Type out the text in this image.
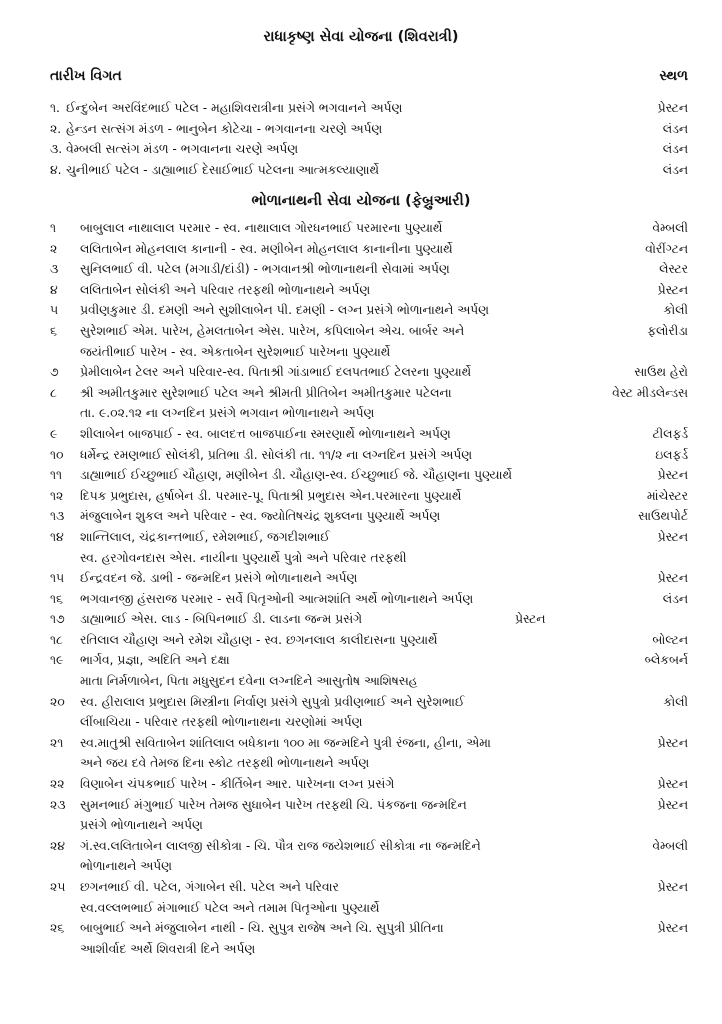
રાધાકૃષ્ણ સેવા યોજના (શિવરાત્રી)
તારીખ વિગત	સ્થળ
૧. ઈન્દુબેન અરવિંદભાઈ પટેલ - મહાશિવરાત્રીના પ્રસંગે ભગવાનને અર્પણ	પ્રેસ્ટન
૨. હેન્ડન સત્સંગ મંડળ - ભાનુબેન કોટેચા - ભગવાનના ચરણે અર્પણ	લંડન
૩. વેમ્બલી સત્સંગ મંડળ - ભગવાનના ચરણે અર્પણ	લંડન
૪. ચુનીભાઈ પટેલ - ડાહ્યાભાઈ દેસાઈભાઈ પટેલના આત્મકલ્યાણાર્થે	લંડન
ભોળાનાથની સેવા યોજના (ફેબ્રુઆરી)
૧ બાબુલાલ નાથાલાલ પરમાર - સ્વ. નાથાલાલ ગોરધનભાઈ પરમારના પુણ્યાર્થે	વેમ્બલી
૨ લલિતાબેન મોહનલાલ કાનાની - સ્વ. મણીબેન મોહનલાલ કાનાનીના પુણ્યાર્થે	વોરીંગ્ટન
૩ સુનિલભાઈ વી. પટેલ (મગાડી/દાંડી) - ભગવાનશ્રી ભોળાનાથની સેવામાં અર્પણ	લેસ્ટર
૪ લલિતાબેન સોલંકી અને પરિવાર તરફથી ભોળાનાથને અર્પણ	પ્રેસ્ટન
૫ પ્રવીણકુમાર ડી. દમણી અને સુશીલાબેન પી. દમણી - લગ્ન પ્રસંગે ભોળાનાથને અર્પણ	કોલી
૬ સુરેશભાઈ એમ. પારેખ, હેમલતાબેન એસ. પારેખ, કપિલાબેન એચ. બાર્બર અને	ફલોરીડા
જયંતીભાઈ પારેખ - સ્વ. એકતાબેન સુરેશભાઈ પારેખના પુણ્યાર્થે
૭ પ્રેમીલાબેન ટેલર અને પરિવાર-સ્વ. પિતાશ્રી ગાંડાભાઈ દલપતભાઈ ટેલરના પુણ્યાર્થે	સાઉથ હેરો
૮ શ્રી અમીતકુમાર સુરેશભાઈ પટેલ અને શ્રીમતી પ્રીતિબેન અમીતકુમાર પટેલના	વેસ્ટ મીડલેન્ડસ
તા. ૯.૦૨.૧૨ ના લગ્નદિન પ્રસંગે ભગવાન ભોળાનાથને અર્પણ
૯ શીલાબેન બાજપાઈ - સ્વ. બાલદત્ત બાજપાઈના સ્મરણાર્થે ભોળાનાથને અર્પણ	ટીલફર્ડ
૧૦ ધર્મેન્દ્ર રમણભાઈ સોલંકી, પ્રતિભા ડી. સોલંકી તા. ૧૧/૨ ના લગ્નદિન પ્રસંગે અર્પણ	ઇલફર્ડ
૧૧ ડાહ્યાભાઈ ઈચ્છુભાઈ ચૌહાણ, મણીબેન ડી. ચૌહાણ-સ્વ. ઈચ્છુભાઈ જે. ચૌહાણના પુણ્યાર્થે	પ્રેસ્ટન
૧૨ દિપક પ્રભુદાસ, હર્ષાબેન ડી. પરમાર-પૂ. પિતાશ્રી પ્રભુદાસ એન.પરમારના પુણ્યાર્થે	માંચેસ્ટર
૧૩ મંજુલાબેન શુકલ અને પરિવાર - સ્વ. જ્યોતિષચંદ્ર શુક્લના પુણ્યાર્થે અર્પણ	સાઉથપોર્ટ
૧૪ શાન્તિલાલ, ચંદ્રકાન્તભાઈ, રમેશભાઈ, જગદીશભાઈ	પ્રેસ્ટન
સ્વ. હરગોવનદાસ એસ. નાયીના પુણ્યાર્થે પુત્રો અને પરિવાર તરફથી
૧૫ ઈન્દ્રવદન જે. ડાભી - જન્મદિન પ્રસંગે ભોળાનાથને અર્પણ	પ્રેસ્ટન
૧૬ ભગવાનજી હંસરાજ પરમાર - સર્વે પિતૃઓની આત્મશાંતિ અર્થે ભોળાનાથને અર્પણ	લંડન
૧૭ ડાહ્યાભાઈ એસ. લાડ - બિપિનભાઈ ડી. લાડના જન્મ પ્રસંગે	પ્રેસ્ટન
૧૮ રતિલાલ ચૌહાણ અને રમેશ ચૌહાણ - સ્વ. છગનલાલ કાલીદાસના પુણ્યાર્થે	બોલ્ટન
૧૯ ભાર્ગવ, પ્રજ્ઞા, અદિતિ અને દક્ષા	બ્લેકબર્ન
માતા નિર્મળાબેન, પિતા મધુસુદન દવેના લગ્નદિને આસુતોષ આશિષસહ
૨૦ સ્વ. હીરાલાલ પ્રભુદાસ મિસ્ત્રીના નિર્વાણ પ્રસંગે સુપુત્રો પ્રવીણભાઈ અને સુરેશભાઈ	કોલી
લીંબાચિયા - પરિવાર તરફથી ભોળાનાથના ચરણોમાં અર્પણ
૨૧ સ્વ.માતુશ્રી સવિતાબેન શાંતિલાલ બધેકાના ૧૦૦ મા જન્મદિને પુત્રી રંજના, હીના, એમા	પ્રેસ્ટન
અને જય દવે તેમજ દિના સ્કોટ તરફથી ભોળાનાથને અર્પણ
૨૨ વિણાબેન ચંપકભાઈ પારેખ - કીર્તિબેન આર. પારેખના લગ્ન પ્રસંગે	પ્રેસ્ટન
૨૩ સુમનભાઈ મંગુભાઈ પારેખ તેમજ સુધાબેન પારેખ તરફથી ચિ. પંકજના જન્મદિન	પ્રેસ્ટન
પ્રસંગે ભોળાનાથને અર્પણ
૨૪ ગં.સ્વ.લલિતાબેન લાલજી સીકોત્રા - ચિ. પૌત્ર રાજ જયેશભાઈ સીકોત્રા ના જન્મદિને	વેમ્બલી
ભોળાનાથને અર્પણ
૨૫ છગનભાઈ વી. પટેલ, ગંગાબેન સી. પટેલ અને પરિવાર	પ્રેસ્ટન
સ્વ.વલ્લભભાઈ મંગાભાઈ પટેલ અને તમામ પિતૃઓના પુણ્યાર્થે
૨૬ બાબુભાઈ અને મંજુલાબેન નાથી - ચિ. સુપુત્ર રાજેષ અને ચિ. સુપુત્રી પ્રીતિના	પ્રેસ્ટન
આશીર્વાદ અર્થે શિવરાત્રી દિને અર્પણ
